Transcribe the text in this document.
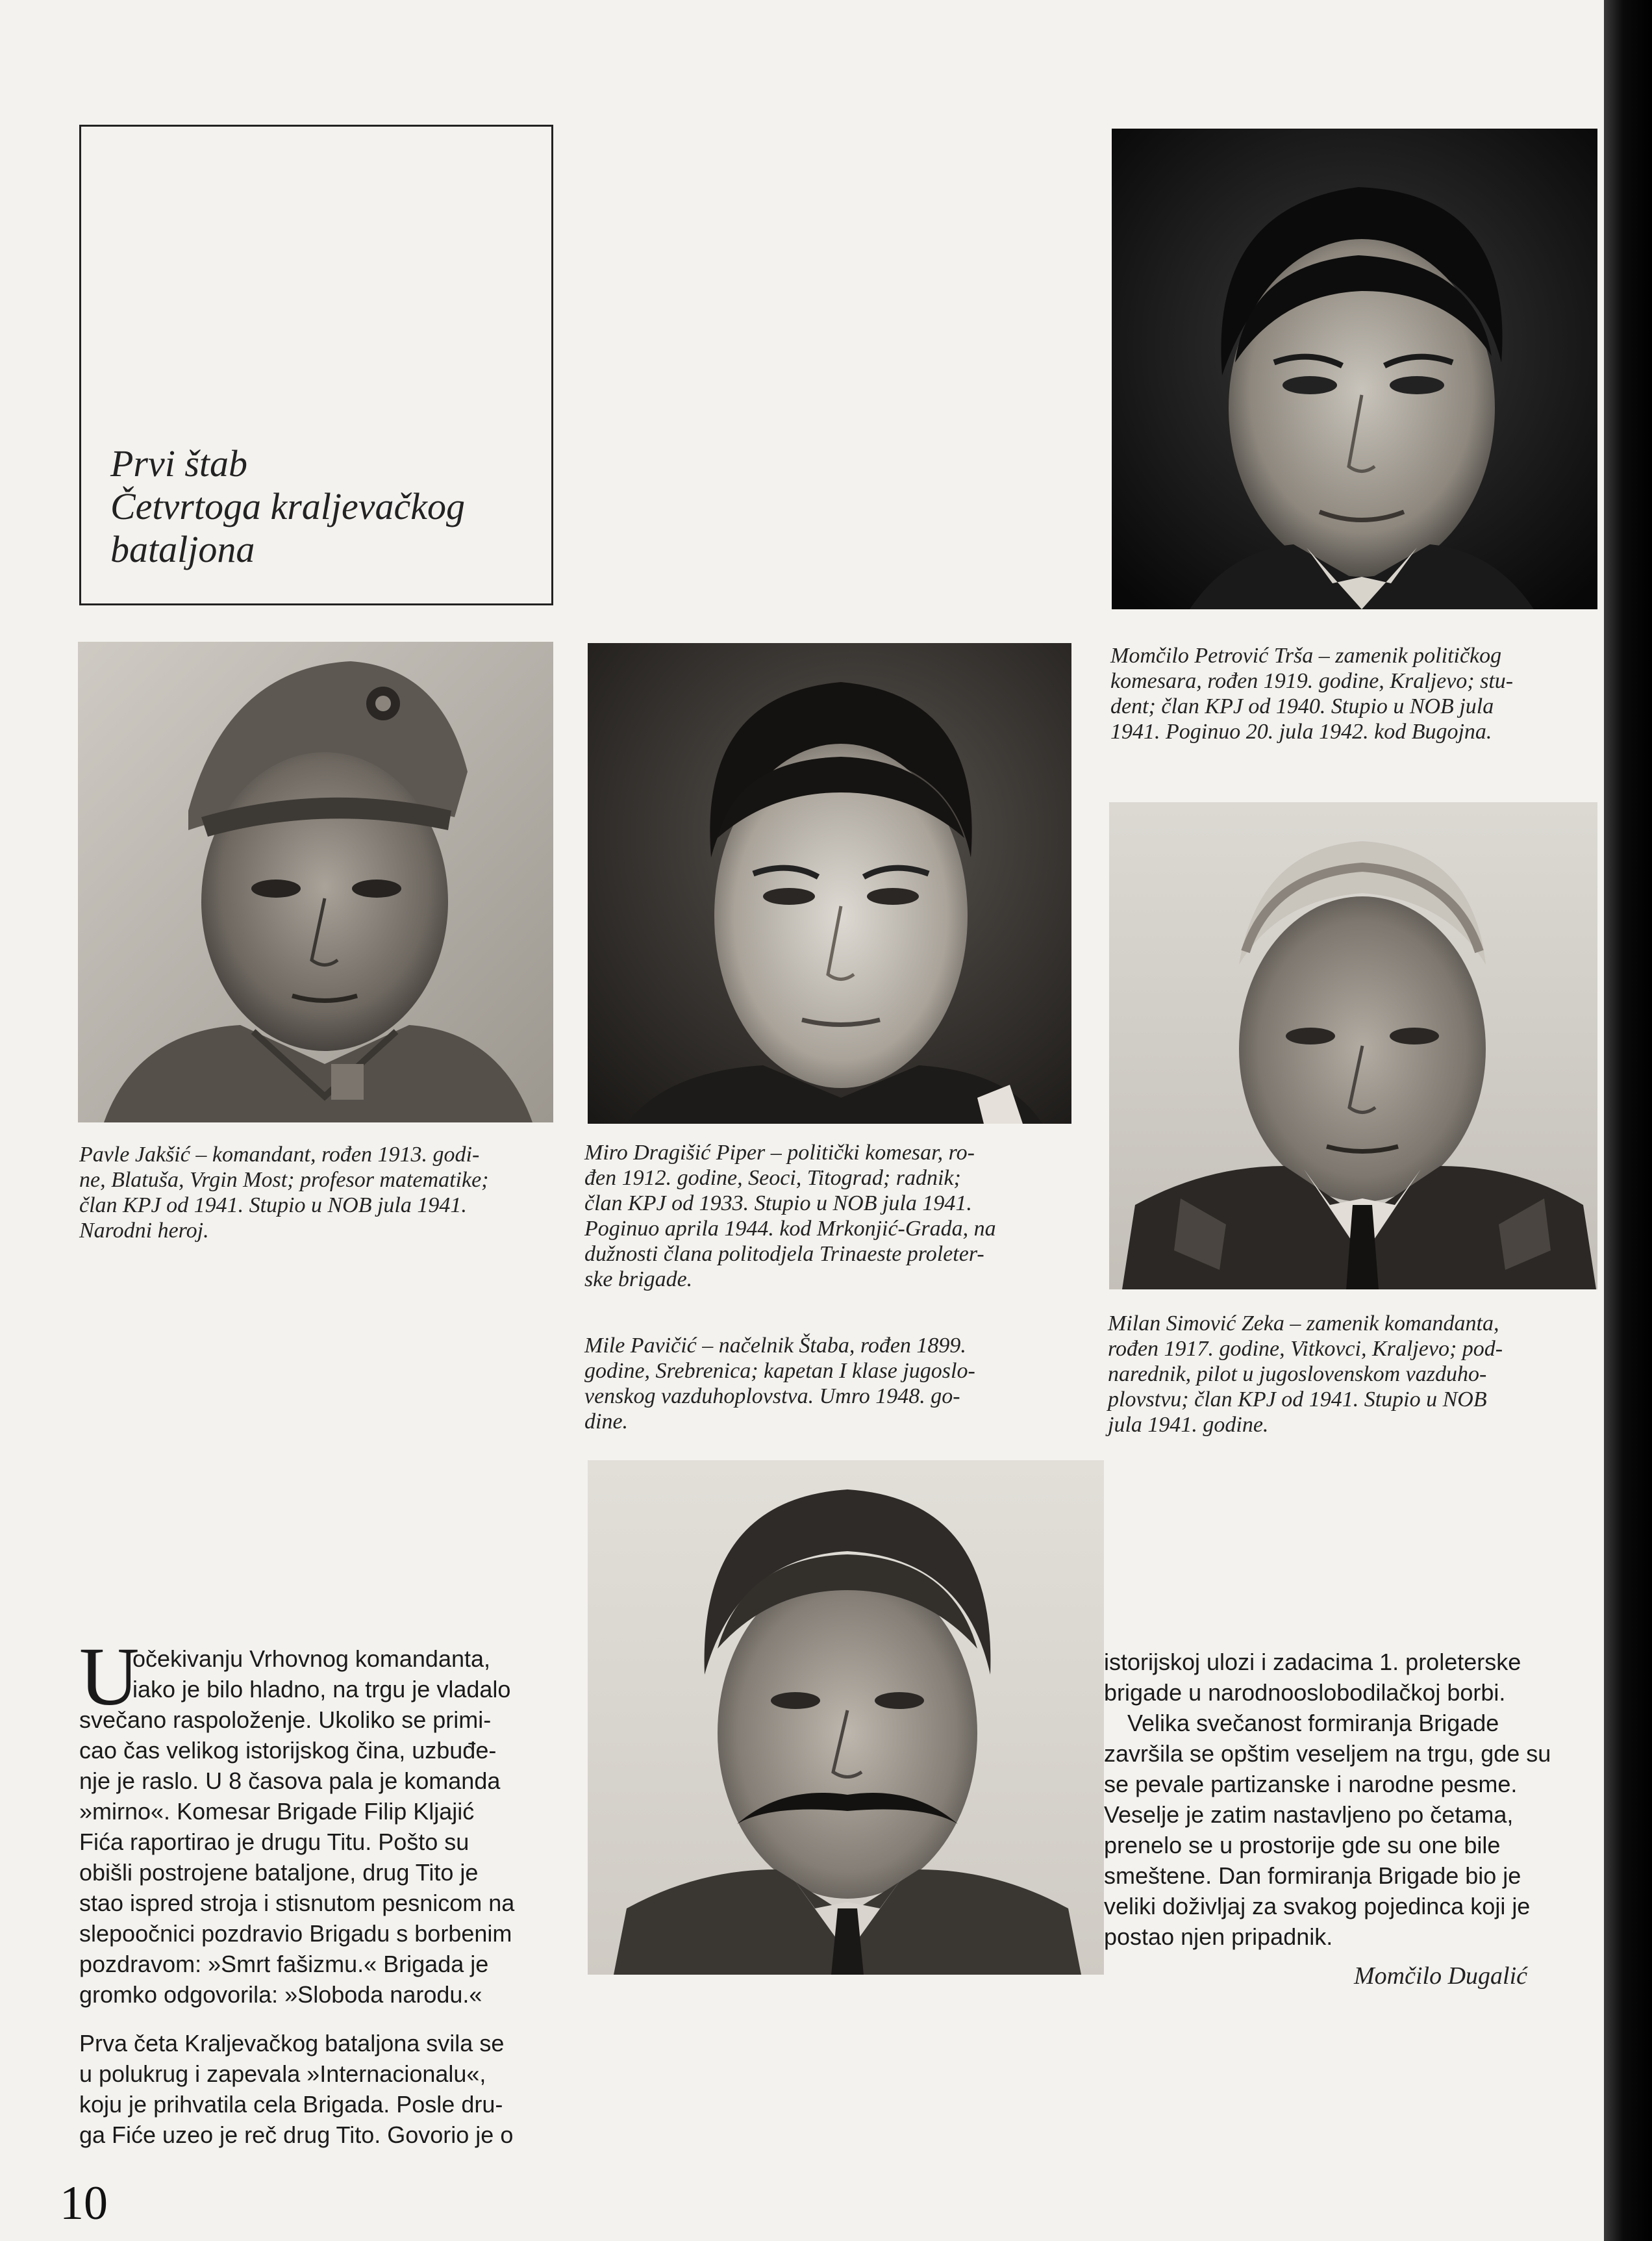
Prvi štab
Četvrtoga kraljevačkog
bataljona
Momčilo Petrović Trša – zamenik političkog
komesara, rođen 1919. godine, Kraljevo; stu-
dent; član KPJ od 1940. Stupio u NOB jula
1941. Poginuo 20. jula 1942. kod Bugojna.
Pavle Jakšić – komandant, rođen 1913. godi-
ne, Blatuša, Vrgin Most; profesor matematike;
član KPJ od 1941. Stupio u NOB jula 1941.
Narodni heroj.
Miro Dragišić Piper – politički komesar, ro-
đen 1912. godine, Seoci, Titograd; radnik;
član KPJ od 1933. Stupio u NOB jula 1941.
Poginuo aprila 1944. kod Mrkonjić-Grada, na
dužnosti člana politodjela Trinaeste proleter-
ske brigade.
Mile Pavičić – načelnik Štaba, rođen 1899.
godine, Srebrenica; kapetan I klase jugoslo-
venskog vazduhoplovstva. Umro 1948. go-
dine.
Milan Simović Zeka – zamenik komandanta,
rođen 1917. godine, Vitkovci, Kraljevo; pod-
narednik, pilot u jugoslovenskom vazduho-
plovstvu; član KPJ od 1941. Stupio u NOB
jula 1941. godine.
U
očekivanju Vrhovnog komandanta,
iako je bilo hladno, na trgu je vladalo
svečano raspoloženje. Ukoliko se primi-
cao čas velikog istorijskog čina, uzbuđe-
nje je raslo. U 8 časova pala je komanda
»mirno«. Komesar Brigade Filip Kljajić
Fića raportirao je drugu Titu. Pošto su
obišli postrojene bataljone, drug Tito je
stao ispred stroja i stisnutom pesnicom na
slepoočnici pozdravio Brigadu s borbenim
pozdravom: »Smrt fašizmu.« Brigada je
gromko odgovorila: »Sloboda narodu.«
Prva četa Kraljevačkog bataljona svila se
u polukrug i zapevala »Internacionalu«,
koju je prihvatila cela Brigada. Posle dru-
ga Fiće uzeo je reč drug Tito. Govorio je o
istorijskoj ulozi i zadacima 1. proleterske
brigade u narodnooslobodilačkoj borbi.
Velika svečanost formiranja Brigade
završila se opštim veseljem na trgu, gde su
se pevale partizanske i narodne pesme.
Veselje je zatim nastavljeno po četama,
prenelo se u prostorije gde su one bile
smeštene. Dan formiranja Brigade bio je
veliki doživljaj za svakog pojedinca koji je
postao njen pripadnik.
Momčilo Dugalić
10
